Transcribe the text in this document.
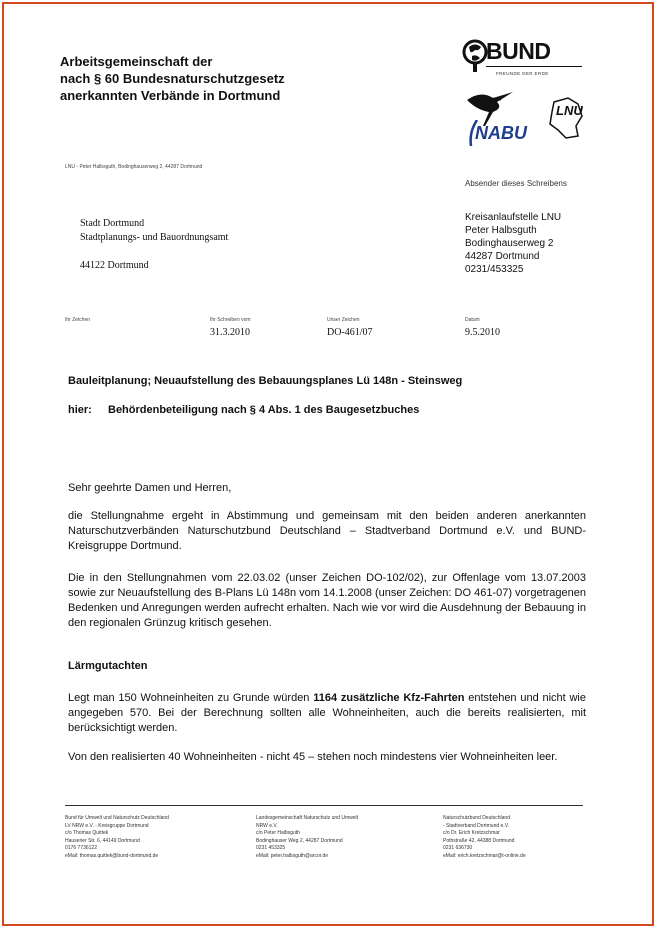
Arbeitsgemeinschaft der
nach § 60 Bundesnaturschutzgesetz
anerkannten Verbände in Dortmund
BUND
FREUNDE DER ERDE
NABU
LNU
LNU - Peter Halbsguth, Bodinghauserweg 2, 44287 Dortmund
Absender dieses Schreibens
Stadt Dortmund
Stadtplanungs- und Bauordnungsamt
44122 Dortmund
Kreisanlaufstelle LNU
Peter Halbsguth
Bodinghauserweg 2
44287 Dortmund
0231/453325
Ihr Zeichen	Ihr Schreiben vom
31.3.2010
Unser Zeichen
DO-461/07
Datum
9.5.2010
Bauleitplanung; Neuaufstellung des Bebauungsplanes Lü 148n - Steinsweg
hier: Behördenbeteiligung nach § 4 Abs. 1 des Baugesetzbuches
Sehr geehrte Damen und Herren,
die Stellungnahme ergeht in Abstimmung und gemeinsam mit den beiden anderen anerkannten Naturschutzverbänden Naturschutzbund Deutschland – Stadtverband Dortmund e.V. und BUND-Kreisgruppe Dortmund.
Die in den Stellungnahmen vom 22.03.02 (unser Zeichen DO-102/02), zur Offenlage vom 13.07.2003 sowie zur Neuaufstellung des B-Plans Lü 148n vom 14.1.2008 (unser Zeichen: DO 461-07) vorgetragenen Bedenken und Anregungen werden aufrecht erhalten. Nach wie vor wird die Ausdehnung der Bebauung in den regionalen Grünzug kritisch gesehen.
Lärmgutachten
Legt man 150 Wohneinheiten zu Grunde würden 1164 zusätzliche Kfz-Fahrten entstehen und nicht wie angegeben 570. Bei der Berechnung sollten alle Wohneinheiten, auch die bereits realisierten, mit berücksichtigt werden.
Von den realisierten 40 Wohneinheiten - nicht 45 – stehen noch mindestens vier Wohneinheiten leer.
Bund für Umwelt und Naturschutz Deutschland
LV NRW e.V. - Kreisgruppe Dortmund
c/o Thomas Quittek
Hausener Str. 6, 44149 Dortmund
0176 7736122
eMail: thomas.quittek@bund-dortmund.de
Landesgemeinschaft Naturschutz und Umwelt
NRW e.V.
c/o Peter Halbsguth
Bodinghauser Weg 2, 44287 Dortmund
0231 453325
eMail: peter.halbsguth@arcor.de
Naturschutzbund Deutschland
- Stadtverband Dortmund e.V.
c/o Dr. Erich Kretzschmar
Pothstraße 42, 44388 Dortmund
0231 636730
eMail: erich.kretzschmar@t-online.de
